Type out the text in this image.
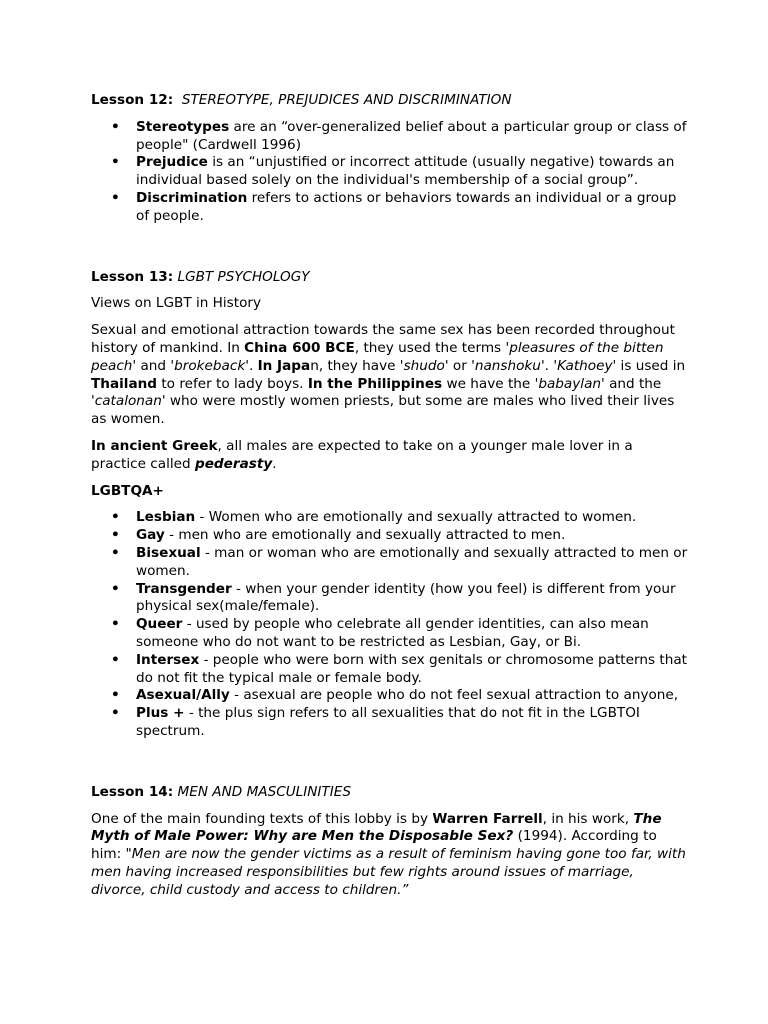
Lesson 12: STEREOTYPE, PREJUDICES AND DISCRIMINATION

• Stereotypes are an “over-generalized belief about a particular group or class of people" (Cardwell 1996)
• Prejudice is an “unjustified or incorrect attitude (usually negative) towards an individual based solely on the individual's membership of a social group”.
• Discrimination refers to actions or behaviors towards an individual or a group of people.

Lesson 13: LGBT PSYCHOLOGY

Views on LGBT in History

Sexual and emotional attraction towards the same sex has been recorded throughout history of mankind. In China 600 BCE, they used the terms 'pleasures of the bitten peach' and 'brokeback'. In Japan, they have 'shudo' or 'nanshoku'. 'Kathoey' is used in Thailand to refer to lady boys. In the Philippines we have the 'babaylan' and the 'catalonan' who were mostly women priests, but some are males who lived their lives as women.

In ancient Greek, all males are expected to take on a younger male lover in a practice called pederasty.

LGBTQA+

• Lesbian - Women who are emotionally and sexually attracted to women.
• Gay - men who are emotionally and sexually attracted to men.
• Bisexual - man or woman who are emotionally and sexually attracted to men or women.
• Transgender - when your gender identity (how you feel) is different from your physical sex(male/female).
• Queer - used by people who celebrate all gender identities, can also mean someone who do not want to be restricted as Lesbian, Gay, or Bi.
• Intersex - people who were born with sex genitals or chromosome patterns that do not fit the typical male or female body.
• Asexual/Ally - asexual are people who do not feel sexual attraction to anyone,
• Plus + - the plus sign refers to all sexualities that do not fit in the LGBTOI spectrum.

Lesson 14: MEN AND MASCULINITIES

One of the main founding texts of this lobby is by Warren Farrell, in his work, The Myth of Male Power: Why are Men the Disposable Sex? (1994). According to him: "Men are now the gender victims as a result of feminism having gone too far, with men having increased responsibilities but few rights around issues of marriage, divorce, child custody and access to children.”
